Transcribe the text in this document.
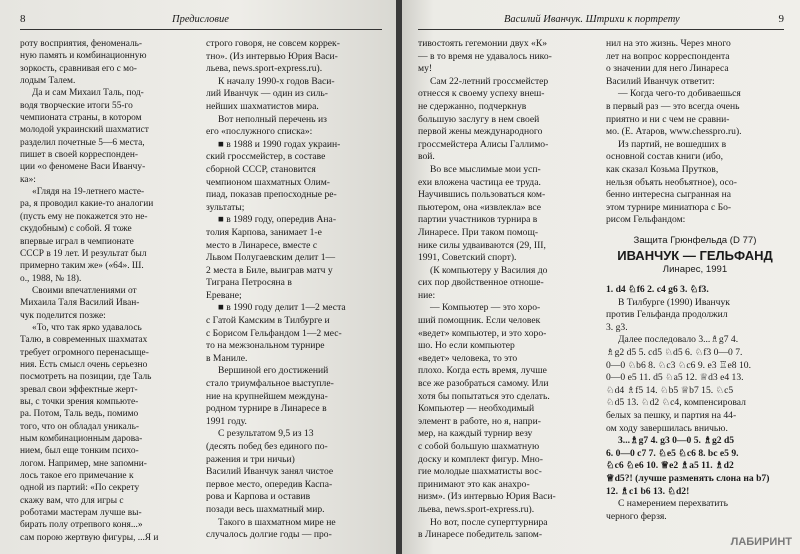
8	Предисловие

роту восприятия, феноменаль-
ную память и комбинационную
зоркость, сравнивая его с мо-
лодым Талем.

Да и сам Михаил Таль, под-
водя творческие итоги 55-го
чемпионата страны, в котором
молодой украинский шахматист
разделил почетные 5—6 места,
пишет в своей корреспонден-
ции «о феномене Васи Иванчу-
ка»:

«Глядя на 19-летнего масте-
ра, я проводил какие-то аналогии
(пусть ему не покажется это не-
скудобным) с собой. Я тоже
впервые играл в чемпионате
СССР в 19 лет. И результат был
примерно таким же» («64». Ш.
о., 1988, № 18).

Своими впечатлениями от
Михаила Таля Василий Иван-
чук поделится позже:

«То, что так ярко удавалось
Талю, в современных шахматах
требует огромного перенасыще-
ния. Есть смысл очень серьезно
посмотреть на позиции, где Таль
зревал свои эффектные жерт-
вы, с точки зрения компьюте-
ра. Потом, Таль ведь, помимо
того, что он обладал уникаль-
ным комбинационным дарова-
нием, был еще тонким психо-
логом. Например, мне запомни-
лось такое его примечание к
одной из партий: «По секрету
скажу вам, что для игры с
роботами мастерам лучше вы-
бирать полу отрепвого коня...»

сам порою жертвую фигуры, ...Я и

строго говоря, не совсем коррек-
тно». (Из интервью Юрия Васи-
льева, news.sport-express.ru).

К началу 1990-х годов Васи-
лий Иванчук — один из силь-
нейших шахматистов мира.

Вот неполный перечень из
его «послужного списка»:

■ в 1988 и 1990 годах украин-
ский гроссмейстер, в составе
сборной СССР, становится
чемпионом шахматных Олим-
пиад, показав препосходные ре-
зультаты;

■ в 1989 году, опередив Ана-
толия Карпова, занимает 1-е
место в Линаресе, вместе с
Львом Полугаевским делит 1—
2 места в Биле, выиграв матч у
Тиграна Петросяна в
Ереване;

■ в 1990 году делит 1—2 места
с Гатой Камским в Тилбурге и
с Борисом Гельфандом 1—2 мес-
то на межзональном турнире
в Маниле.

Вершиной его достижений
стало триумфальное выступле-
ние на крупнейшем междуна-
родном турнире в Линаресе в
1991 году.

С результатом 9,5 из 13
(десять побед без единого по-
ражения и три ничьи)
Василий Иванчук занял чистое
первое место, опередив Каспа-
рова и Карпова и оставив
позади весь шахматный мир.

Такого в шахматном мире не
случалось долгие годы — про-

Василий Иванчук. Штрихи к портрету	9

тивостоять гегемонии двух «К»
— в то время не удавалось нико-
му!

Сам 22-летний гроссмейстер
отнесся к своему успеху внеш-
не сдержанно, подчеркнув
большую заслугу в нем своей
первой жены международного
гроссмейстера Алисы Галлимо-
вой.

Во все мыслимые мои усп-
ехи вложена частица ее труда.
Научившись пользоваться ком-
пьютером, она «извлекла» все
партии участников турнира в
Линаресе. При таком помощ-
нике силы удваиваются (29, III,
1991, Советский спорт).

(К компьютеру у Василия до
сих пор двойственное отноше-
ние:

— Компьютер — это хоро-
ший помощник. Если человек
«ведет» компьютер, и это хоро-
шо. Но если компьютер
«ведет» человека, то это
плохо. Когда есть время, лучше
все же разобраться самому. Или
хотя бы попытаться это сделать.
Компьютер — необходимый
элемент в работе, но я, напри-
мер, на каждый турнир везу
с собой большую шахматную
доску и комплект фигур. Мно-
гие молодые шахматисты вос-
принимают это как анахро-
низм». (Из интервью Юрия Васи-
льева, news.sport-express.ru).

Но вот, после суперттурнира
в Линаресе победитель запом-

нил на это жизнь. Через много
лет на вопрос корреспондента
о значении для него Линареса
Василий Иванчук ответит:

— Когда чего-то добиваешься
в первый раз — это всегда очень
приятно и ни с чем не сравни-
мо. (Е. Атаров, www.chesspro.ru).

Из партий, не вошедших в
основной состав книги (ибо,
как сказал Козьма Прутков,
нельзя объять необъятное), осо-
бенно интересна сыгранная на
этом турнире миниатюра с Бо-
рисом Гельфандом:

Защита Грюнфельда (D 77)
ИВАНЧУК — ГЕЛЬФАНД
Линарес, 1991

1. d4 ♘f6 2. c4 g6 3. ♘f3.

В Тилбурге (1990) Иванчук
против Гельфанда продолжил
3. g3.

Далее последовало 3...♗g7 4.
♗g2 d5 5. cd5 ♘d5 6. ♘f3 0—0 7.
0—0 ♘b6 8. ♘c3 ♘c6 9. e3 ♖e8 10.
0—0 e5 11. d5 ♘a5 12. ♕d3 e4 13.
♘d4 ♗f5 14. ♘b5 ♕b7 15. ♘c5
♘d5 13. ♘d2 ♘c4, компенсировал
белых за пешку, и партия на 44-
ом ходу завершилась вничью.

3...♗g7 4. g3 0—0 5. ♗g2 d5
6. 0—0 c7 7. ♘e5 ♘c6 8. bc e5 9.
♘c6 ♘e6 10. ♕e2 ♗a5 11. ♗d2
♕d5?! (лучше разменять слона на b7)
12. ♗c1 b6 13. ♘d2!

С намерением перехватить
черного ферзя.

ЛАБИРИНТ
